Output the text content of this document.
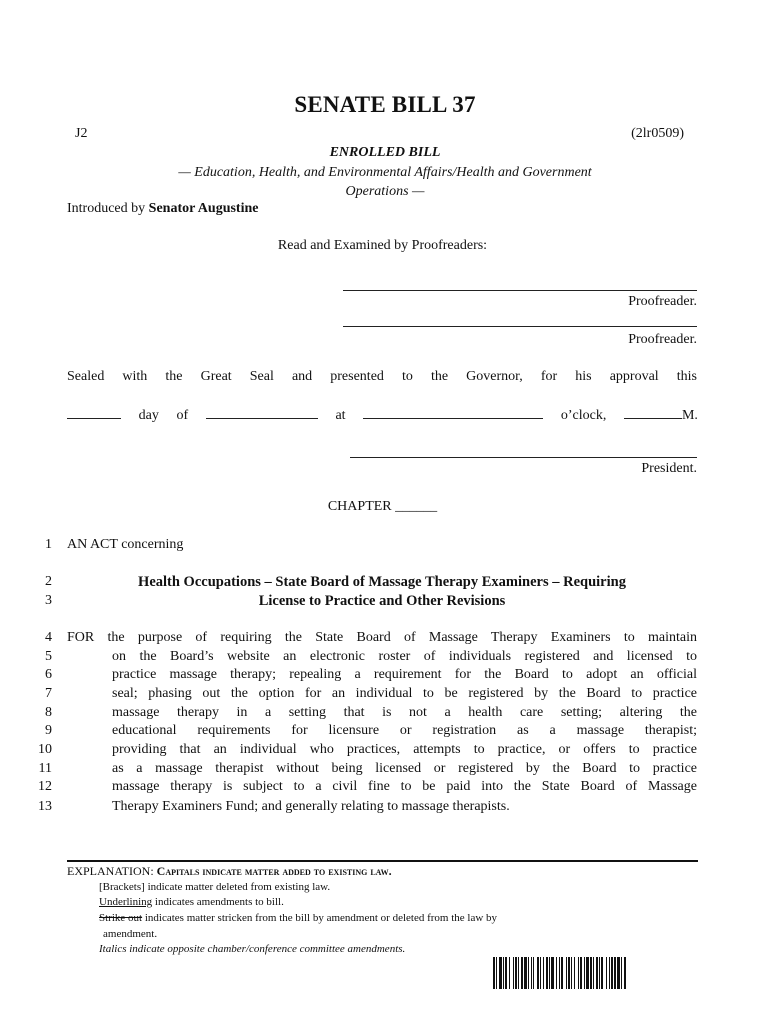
SENATE BILL 37
J2	(2lr0509)
ENROLLED BILL
— Education, Health, and Environmental Affairs/Health and Government
Operations —
Introduced by Senator Augustine
Read and Examined by Proofreaders:
Proofreader.
Proofreader.
Sealed with the Great Seal and presented to the Governor, for his approval this
day of	at	o’clock,	M.
President.
CHAPTER ______
1 AN ACT concerning
2	Health Occupations – State Board of Massage Therapy Examiners – Requiring
3	License to Practice and Other Revisions
4 FOR the purpose of requiring the State Board of Massage Therapy Examiners to maintain
5	on the Board’s website an electronic roster of individuals registered and licensed to
6	practice massage therapy; repealing a requirement for the Board to adopt an official
7	seal; phasing out the option for an individual to be registered by the Board to practice
8	massage therapy in a setting that is not a health care setting; altering the
9	educational requirements for licensure or registration as a massage therapist;
10	providing that an individual who practices, attempts to practice, or offers to practice
11	as a massage therapist without being licensed or registered by the Board to practice
12	massage therapy is subject to a civil fine to be paid into the State Board of Massage
13	Therapy Examiners Fund; and generally relating to massage therapists.
EXPLANATION: Capitals indicate matter added to existing law.
[Brackets] indicate matter deleted from existing law.
Underlining indicates amendments to bill.
Strike out indicates matter stricken from the bill by amendment or deleted from the law by
amendment.
Italics indicate opposite chamber/conference committee amendments.
